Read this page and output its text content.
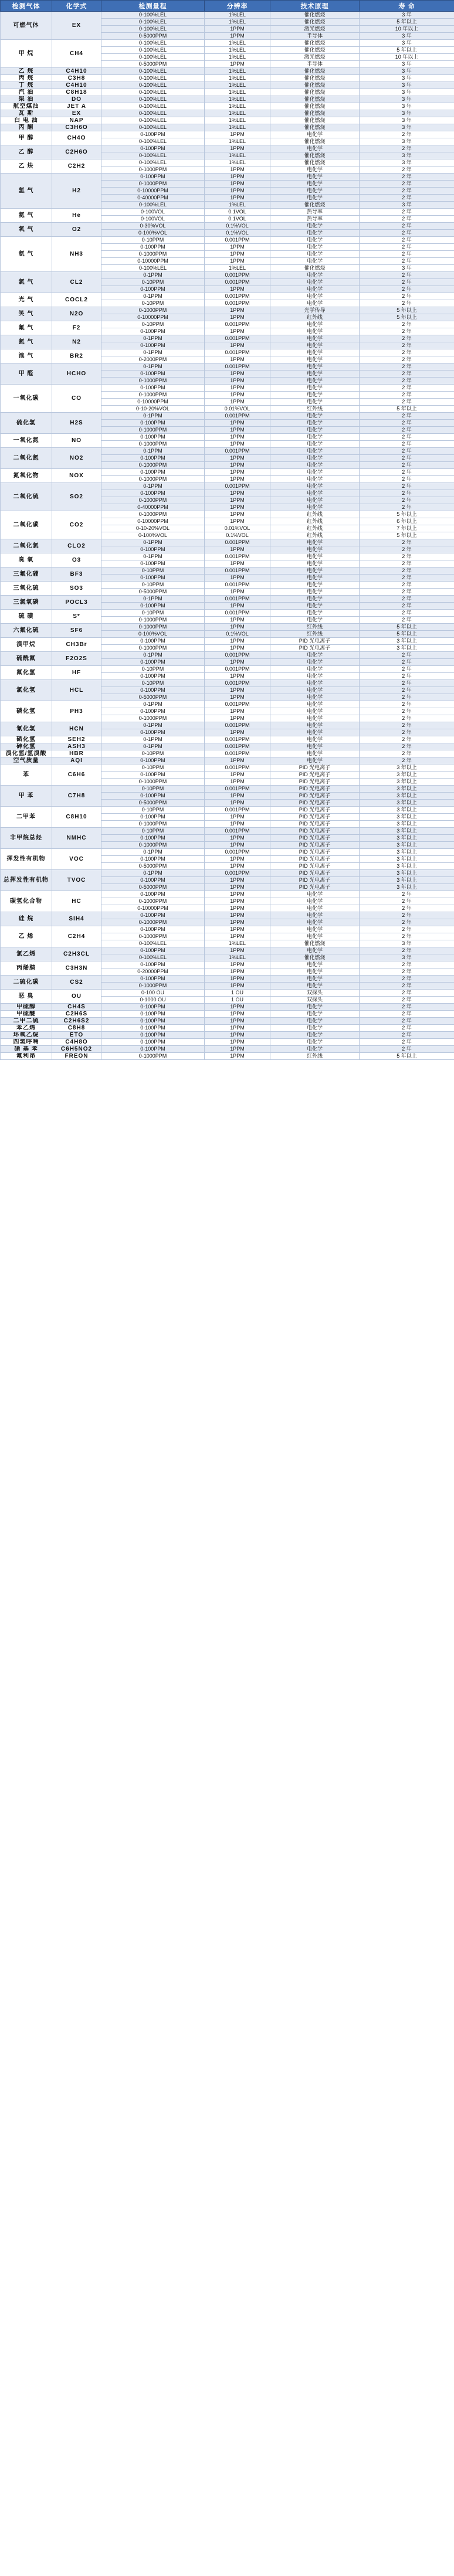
检测气体	化学式	检测量程	分辨率	技术原理	寿 命
可燃气体	EX	0-100%LEL	1%LEL	催化燃烧	3 年
		0-100%LEL	1%LEL	催化燃烧	5 年以上
		0-100%LEL	1PPM	激光燃烧	10 年以上
		0-5000PPM	1PPM	半导体	3 年
甲 烷	CH4	0-100%LEL	1%LEL	催化燃烧	3 年
		0-100%LEL	1%LEL	催化燃烧	5 年以上
		0-100%LEL	1%LEL	激光燃烧	10 年以上
		0-5000PPM	1PPM	半导体	3 年
乙 烷	C4H10	0-100%LEL	1%LEL	催化燃烧	3 年
丙 烷	C3H8	0-100%LEL	1%LEL	催化燃烧	3 年
丁 烷	C4H10	0-100%LEL	1%LEL	催化燃烧	3 年
汽 油	C8H18	0-100%LEL	1%LEL	催化燃烧	3 年
柴 油	DO	0-100%LEL	1%LEL	催化燃烧	3 年
航空煤油	JET A	0-100%LEL	1%LEL	催化燃烧	3 年
瓦 斯	EX	0-100%LEL	1%LEL	催化燃烧	3 年
白 电 油	NAP	0-100%LEL	1%LEL	催化燃烧	3 年
丙 酮	C3H6O	0-100%LEL	1%LEL	催化燃烧	3 年
甲 醇	CH4O	0-100PPM	1PPM	电化学	2 年
		0-100%LEL	1%LEL	催化燃烧	3 年
乙 醇	C2H6O	0-100PPM	1PPM	电化学	2 年
		0-100%LEL	1%LEL	催化燃烧	3 年
乙 炔	C2H2	0-100%LEL	1%LEL	催化燃烧	3 年
		0-1000PPM	1PPM	电化学	2 年
氢 气	H2	0-100PPM	1PPM	电化学	2 年
		0-1000PPM	1PPM	电化学	2 年
		0-10000PPM	1PPM	电化学	2 年
		0-40000PPM	1PPM	电化学	2 年
		0-100%LEL	1%LEL	催化燃烧	3 年
氦 气	He	0-100VOL	0.1VOL	热导率	2 年
		0-100VOL	0.1VOL	热导率	2 年
氧 气	O2	0-30%VOL	0.1%VOL	电化学	2 年
		0-100%VOL	0.1%VOL	电化学	2 年
氨 气	NH3	0-10PPM	0.001PPM	电化学	2 年
		0-100PPM	1PPM	电化学	2 年
		0-1000PPM	1PPM	电化学	2 年
		0-10000PPM	1PPM	电化学	2 年
		0-100%LEL	1%LEL	催化燃烧	3 年
氯 气	CL2	0-1PPM	0.001PPM	电化学	2 年
		0-10PPM	0.001PPM	电化学	2 年
		0-100PPM	1PPM	电化学	2 年
光 气	COCL2	0-1PPM	0.001PPM	电化学	2 年
		0-10PPM	0.001PPM	电化学	2 年
笑 气	N2O	0-1000PPM	1PPM	光学传导	5 年以上
		0-10000PPM	1PPM	红外线	5 年以上
氟 气	F2	0-10PPM	0.001PPM	电化学	2 年
		0-100PPM	1PPM	电化学	2 年
氮 气	N2	0-1PPM	0.001PPM	电化学	2 年
		0-100PPM	1PPM	电化学	2 年
溴 气	BR2	0-1PPM	0.001PPM	电化学	2 年
		0-2000PPM	1PPM	电化学	2 年
甲 醛	HCHO	0-1PPM	0.001PPM	电化学	2 年
		0-100PPM	1PPM	电化学	2 年
		0-1000PPM	1PPM	电化学	2 年
一氧化碳	CO	0-100PPM	1PPM	电化学	2 年
		0-1000PPM	1PPM	电化学	2 年
		0-10000PPM	1PPM	电化学	2 年
		0-10-20%VOL	0.01%VOL	红外线	5 年以上
硫化氢	H2S	0-1PPM	0.001PPM	电化学	2 年
		0-100PPM	1PPM	电化学	2 年
		0-1000PPM	1PPM	电化学	2 年
一氧化氮	NO	0-100PPM	1PPM	电化学	2 年
		0-1000PPM	1PPM	电化学	2 年
二氧化氮	NO2	0-1PPM	0.001PPM	电化学	2 年
		0-100PPM	1PPM	电化学	2 年
		0-1000PPM	1PPM	电化学	2 年
氮氧化物	NOX	0-100PPM	1PPM	电化学	2 年
		0-1000PPM	1PPM	电化学	2 年
二氧化硫	SO2	0-1PPM	0.001PPM	电化学	2 年
		0-100PPM	1PPM	电化学	2 年
		0-1000PPM	1PPM	电化学	2 年
		0-40000PPM	1PPM	电化学	2 年
二氧化碳	CO2	0-1000PPM	1PPM	红外线	5 年以上
		0-10000PPM	1PPM	红外线	6 年以上
		0-10-20%VOL	0.01%VOL	红外线	7 年以上
		0-100%VOL	0.1%VOL	红外线	5 年以上
二氧化氯	CLO2	0-1PPM	0.001PPM	电化学	2 年
		0-100PPM	1PPM	电化学	2 年
臭 氧	O3	0-1PPM	0.001PPM	电化学	2 年
		0-100PPM	1PPM	电化学	2 年
三氟化硼	BF3	0-10PPM	0.001PPM	电化学	2 年
		0-100PPM	1PPM	电化学	2 年
三氧化硫	SO3	0-10PPM	0.001PPM	电化学	2 年
		0-5000PPM	1PPM	电化学	2 年
三氯氧磷	POCL3	0-1PPM	0.001PPM	电化学	2 年
		0-100PPM	1PPM	电化学	2 年
硫 磺	S*	0-10PPM	0.001PPM	电化学	2 年
		0-1000PPM	1PPM	电化学	2 年
六氟化硫	SF6	0-1000PPM	1PPM	红外线	5 年以上
		0-100%VOL	0.1%VOL	红外线	5 年以上
溴甲烷	CH3Br	0-100PPM	1PPM	PID 光电离子	3 年以上
		0-1000PPM	1PPM	PID 光电离子	3 年以上
硫酰氟	F2O2S	0-1PPM	0.001PPM	电化学	2 年
		0-100PPM	1PPM	电化学	2 年
氟化氢	HF	0-10PPM	0.001PPM	电化学	2 年
		0-100PPM	1PPM	电化学	2 年
氯化氢	HCL	0-10PPM	0.001PPM	电化学	2 年
		0-100PPM	1PPM	电化学	2 年
		0-5000PPM	1PPM	电化学	2 年
磷化氢	PH3	0-1PPM	0.001PPM	电化学	2 年
		0-100PPM	1PPM	电化学	2 年
		0-1000PPM	1PPM	电化学	2 年
氰化氢	HCN	0-1PPM	0.001PPM	电化学	2 年
		0-100PPM	1PPM	电化学	2 年
硒化氢	SEH2	0-1PPM	0.001PPM	电化学	2 年
砷化氢	ASH3	0-1PPM	0.001PPM	电化学	2 年
溴化氢/氢溴酸	HBR	0-10PPM	0.001PPM	电化学	2 年
空气质量	AQI	0-100PPM	1PPM	电化学	2 年
苯	C6H6	0-10PPM	0.001PPM	PID 光电离子	3 年以上
		0-100PPM	1PPM	PID 光电离子	3 年以上
		0-1000PPM	1PPM	PID 光电离子	3 年以上
甲 苯	C7H8	0-10PPM	0.001PPM	PID 光电离子	3 年以上
		0-100PPM	1PPM	PID 光电离子	3 年以上
		0-5000PPM	1PPM	PID 光电离子	3 年以上
二甲苯	C8H10	0-10PPM	0.001PPM	PID 光电离子	3 年以上
		0-100PPM	1PPM	PID 光电离子	3 年以上
		0-1000PPM	1PPM	PID 光电离子	3 年以上
非甲烷总烃	NMHC	0-10PPM	0.001PPM	PID 光电离子	3 年以上
		0-100PPM	1PPM	PID 光电离子	3 年以上
		0-1000PPM	1PPM	PID 光电离子	3 年以上
挥发性有机物	VOC	0-1PPM	0.001PPM	PID 光电离子	3 年以上
		0-100PPM	1PPM	PID 光电离子	3 年以上
		0-5000PPM	1PPM	PID 光电离子	3 年以上
总挥发性有机物	TVOC	0-1PPM	0.001PPM	PID 光电离子	3 年以上
		0-100PPM	1PPM	PID 光电离子	3 年以上
		0-5000PPM	1PPM	PID 光电离子	3 年以上
碳氢化合物	HC	0-100PPM	1PPM	电化学	2 年
		0-1000PPM	1PPM	电化学	2 年
		0-10000PPM	1PPM	电化学	2 年
硅 烷	SIH4	0-100PPM	1PPM	电化学	2 年
		0-1000PPM	1PPM	电化学	2 年
乙 烯	C2H4	0-100PPM	1PPM	电化学	2 年
		0-1000PPM	1PPM	电化学	2 年
		0-100%LEL	1%LEL	催化燃烧	3 年
氯乙烯	C2H3CL	0-100PPM	1PPM	电化学	2 年
		0-100%LEL	1%LEL	催化燃烧	3 年
丙烯腈	C3H3N	0-100PPM	1PPM	电化学	2 年
		0-20000PPM	1PPM	电化学	2 年
二硫化碳	CS2	0-100PPM	1PPM	电化学	2 年
		0-1000PPM	1PPM	电化学	2 年
恶 臭	OU	0-100 OU	1 OU	双探头	2 年
		0-1000 OU	1 OU	双探头	2 年
甲硫醇	CH4S	0-100PPM	1PPM	电化学	2 年
甲硫醚	C2H6S	0-100PPM	1PPM	电化学	2 年
二甲二硫	C2H6S2	0-100PPM	1PPM	电化学	2 年
苯乙烯	C8H8	0-100PPM	1PPM	电化学	2 年
环氧乙烷	ETO	0-100PPM	1PPM	电化学	2 年
四氢呼喃	C4H8O	0-100PPM	1PPM	电化学	2 年
硝 基 苯	C6H5NO2	0-100PPM	1PPM	电化学	2 年
氟利昂	FREON	0-1000PPM	1PPM	红外线	5 年以上
